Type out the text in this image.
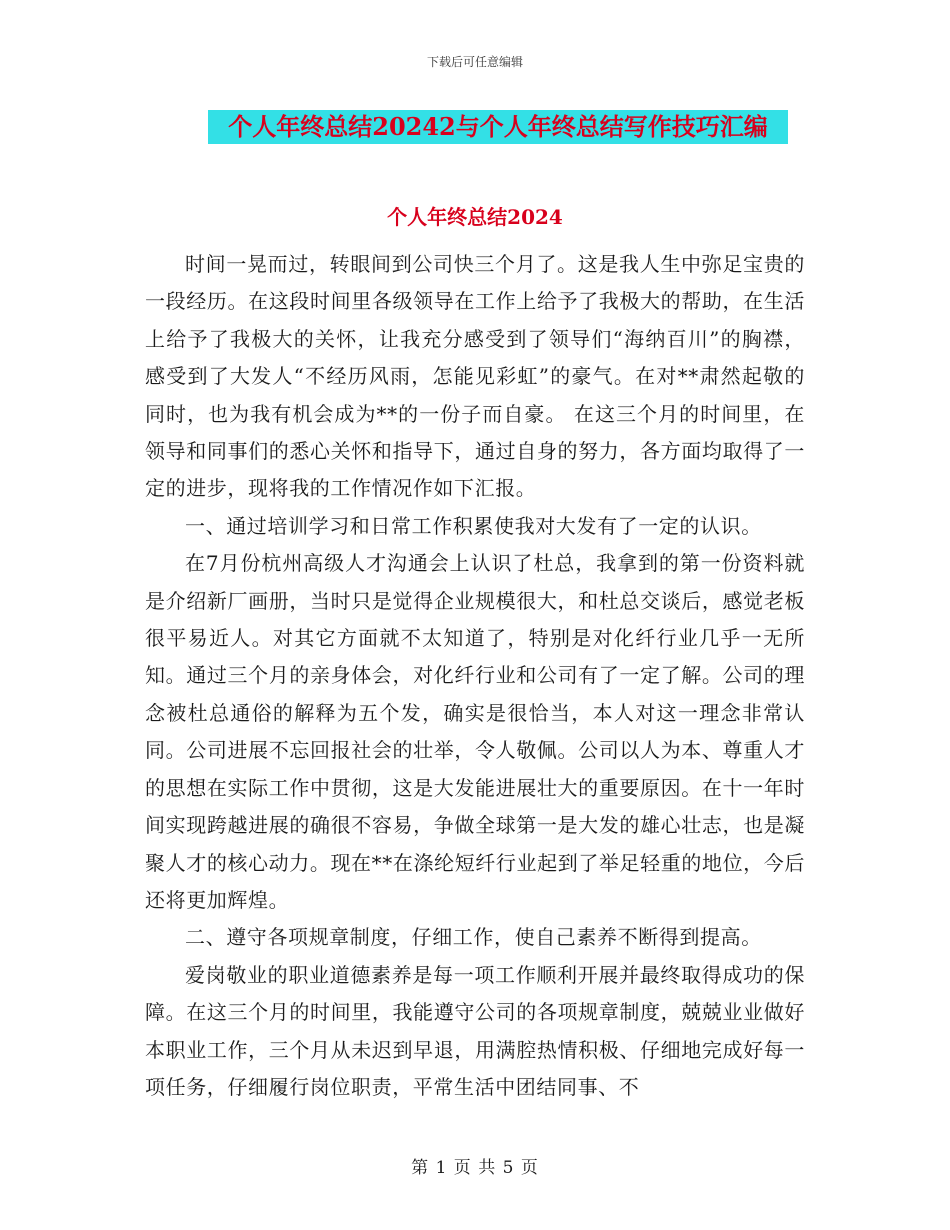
下载后可任意编辑
个人年终总结20242与个人年终总结写作技巧汇编
个人年终总结2024

时间一晃而过，转眼间到公司快三个月了。这是我人生中弥足宝贵的一段经历。在这段时间里各级领导在工作上给予了我极大的帮助，在生活上给予了我极大的关怀，让我充分感受到了领导们“海纳百川”的胸襟，感受到了大发人“不经历风雨，怎能见彩虹”的豪气。在对**肃然起敬的同时，也为我有机会成为**的一份子而自豪。 在这三个月的时间里，在领导和同事们的悉心关怀和指导下，通过自身的努力，各方面均取得了一定的进步，现将我的工作情况作如下汇报。

一、通过培训学习和日常工作积累使我对大发有了一定的认识。

在7月份杭州高级人才沟通会上认识了杜总，我拿到的第一份资料就是介绍新厂画册，当时只是觉得企业规模很大，和杜总交谈后，感觉老板很平易近人。对其它方面就不太知道了，特别是对化纤行业几乎一无所知。通过三个月的亲身体会，对化纤行业和公司有了一定了解。公司的理念被杜总通俗的解释为五个发，确实是很恰当，本人对这一理念非常认同。公司进展不忘回报社会的壮举，令人敬佩。公司以人为本、尊重人才的思想在实际工作中贯彻，这是大发能进展壮大的重要原因。在十一年时间实现跨越进展的确很不容易，争做全球第一是大发的雄心壮志，也是凝聚人才的核心动力。现在**在涤纶短纤行业起到了举足轻重的地位，今后还将更加辉煌。

二、遵守各项规章制度，仔细工作，使自己素养不断得到提高。

爱岗敬业的职业道德素养是每一项工作顺利开展并最终取得成功的保障。在这三个月的时间里，我能遵守公司的各项规章制度，兢兢业业做好本职业工作，三个月从未迟到早退，用满腔热情积极、仔细地完成好每一项任务，仔细履行岗位职责，平常生活中团结同事、不

第 1 页 共 5 页
